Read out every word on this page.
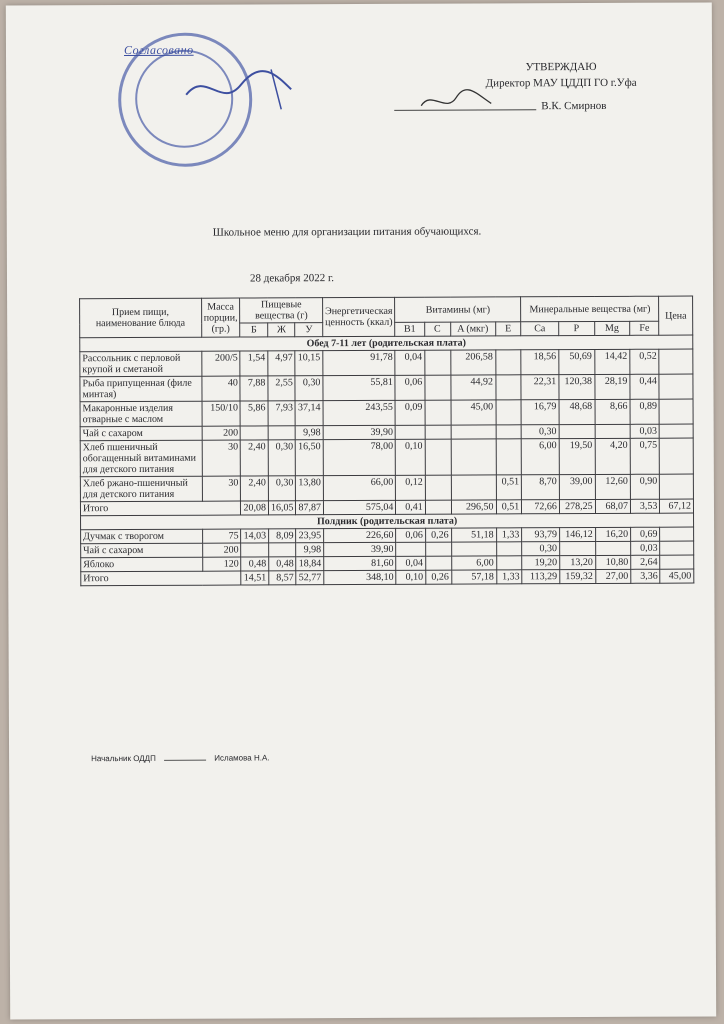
Согласовано
УТВЕРЖДАЮ
Директор МАУ ЦДДП ГО г.Уфа
В.К. Смирнов
Школьное меню для организации питания обучающихся.
28 декабря 2022 г.
Прием пищи, наименование блюда	Масса порции, (гр.)	Пищевые вещества (г)			Энергетическая ценность (ккал)	Витамины (мг)				Минеральные вещества (мг)				Цена
		Б	Ж	У		B1	C	A (мкг)	E	Ca	P	Mg	Fe	
Обед 7-11 лет (родительская плата)														
Рассольник с перловой крупой и сметаной	200/5	1,54	4,97	10,15	91,78	0,04		206,58		18,56	50,69	14,42	0,52	
Рыба припущенная (филе минтая)	40	7,88	2,55	0,30	55,81	0,06		44,92		22,31	120,38	28,19	0,44	
Макаронные изделия отварные с маслом	150/10	5,86	7,93	37,14	243,55	0,09		45,00		16,79	48,68	8,66	0,89	
Чай с сахаром	200			9,98	39,90					0,30			0,03	
Хлеб пшеничный обогащенный витаминами для детского питания	30	2,40	0,30	16,50	78,00	0,10				6,00	19,50	4,20	0,75	
Хлеб ржано-пшеничный для детского питания	30	2,40	0,30	13,80	66,00	0,12			0,51	8,70	39,00	12,60	0,90	
Итого		20,08	16,05	87,87	575,04	0,41		296,50	0,51	72,66	278,25	68,07	3,53	67,12
Полдник (родительская плата)														
Дучмак с творогом	75	14,03	8,09	23,95	226,60	0,06	0,26	51,18	1,33	93,79	146,12	16,20	0,69	
Чай с сахаром	200			9,98	39,90					0,30			0,03	
Яблоко	120	0,48	0,48	18,84	81,60	0,04		6,00		19,20	13,20	10,80	2,64	
Итого		14,51	8,57	52,77	348,10	0,10	0,26	57,18	1,33	113,29	159,32	27,00	3,36	45,00
Начальник ОДДП	Исламова Н.А.
